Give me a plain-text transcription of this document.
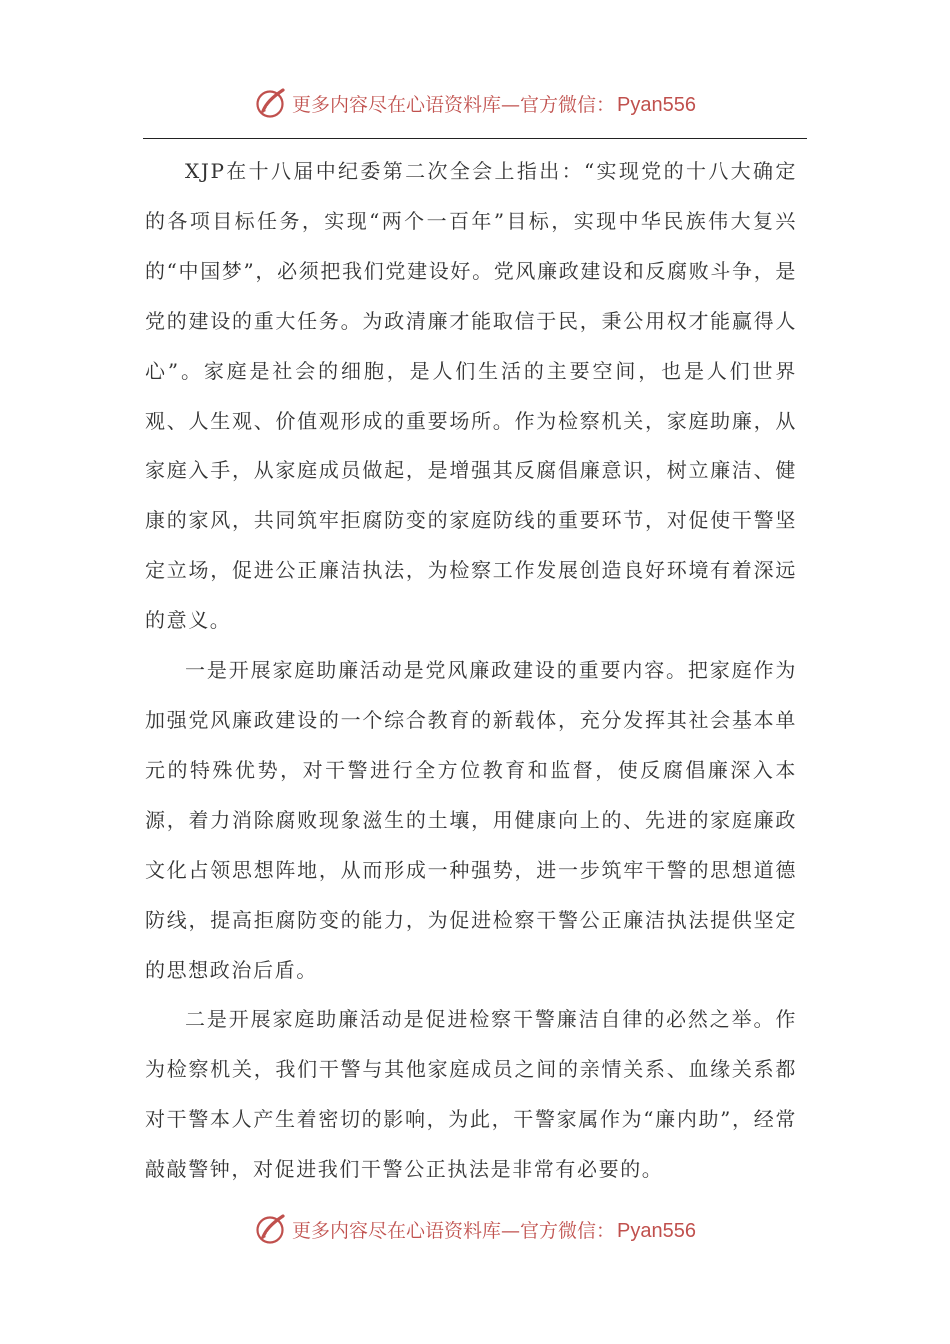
更多内容尽在心语资料库—官方微信： Pyan556

XJP在十八届中纪委第二次全会上指出：“实现党的十八大确定的各项目标任务，实现“两个一百年”目标，实现中华民族伟大复兴的“中国梦”，必须把我们党建设好。党风廉政建设和反腐败斗争，是党的建设的重大任务。为政清廉才能取信于民，秉公用权才能赢得人心”。家庭是社会的细胞，是人们生活的主要空间，也是人们世界观、人生观、价值观形成的重要场所。作为检察机关，家庭助廉，从家庭入手，从家庭成员做起，是增强其反腐倡廉意识，树立廉洁、健康的家风，共同筑牢拒腐防变的家庭防线的重要环节，对促使干警坚定立场，促进公正廉洁执法，为检察工作发展创造良好环境有着深远的意义。

一是开展家庭助廉活动是党风廉政建设的重要内容。把家庭作为加强党风廉政建设的一个综合教育的新载体，充分发挥其社会基本单元的特殊优势，对干警进行全方位教育和监督，使反腐倡廉深入本源，着力消除腐败现象滋生的土壤，用健康向上的、先进的家庭廉政文化占领思想阵地，从而形成一种强势，进一步筑牢干警的思想道德防线，提高拒腐防变的能力，为促进检察干警公正廉洁执法提供坚定的思想政治后盾。

二是开展家庭助廉活动是促进检察干警廉洁自律的必然之举。作为检察机关，我们干警与其他家庭成员之间的亲情关系、血缘关系都对干警本人产生着密切的影响，为此，干警家属作为“廉内助”，经常敲敲警钟，对促进我们干警公正执法是非常有必要的。

更多内容尽在心语资料库—官方微信： Pyan556
